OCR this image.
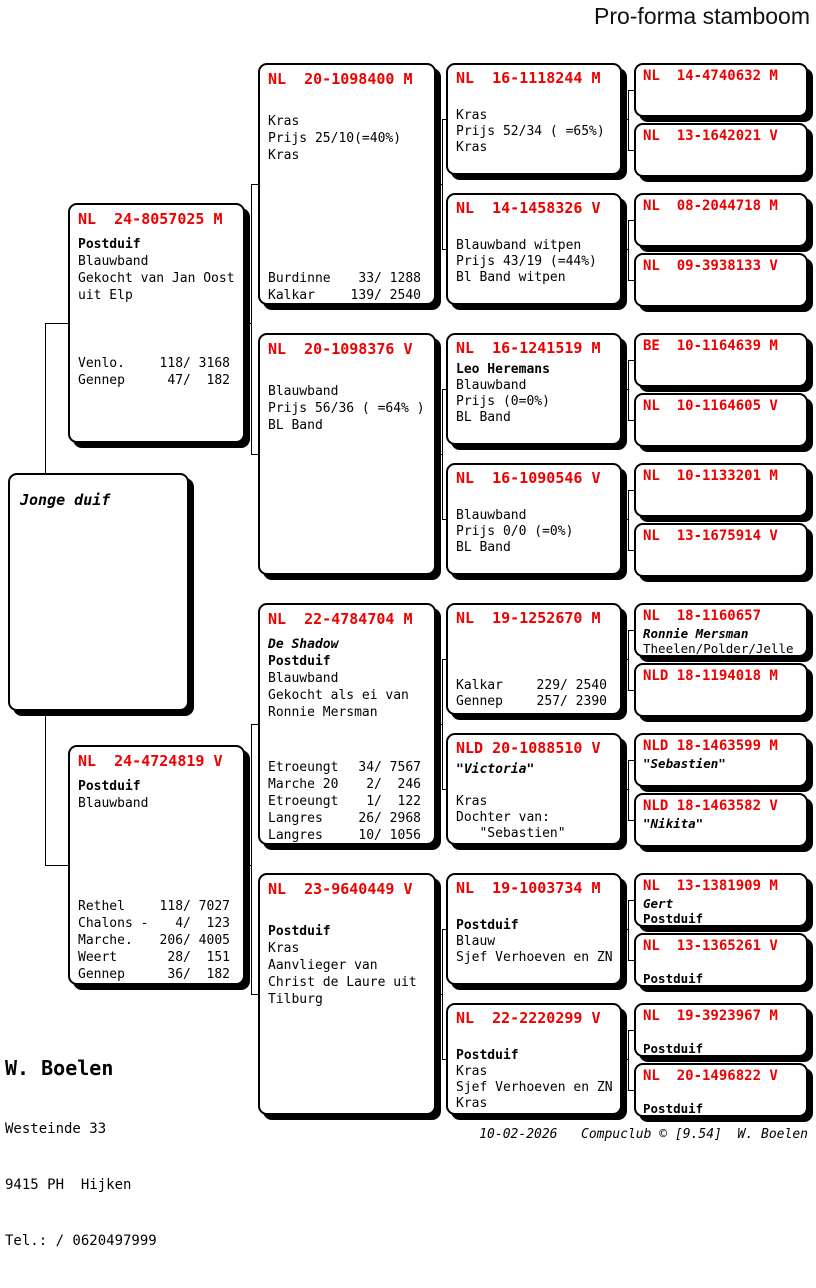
Pro-forma stamboom
Jonge duif
NL  24-8057025 M
Postduif
Blauwband
Gekocht van Jan Oost
uit Elp
Venlo.	118/ 3168
Gennep	47/  182
NL  24-4724819 V
Postduif
Blauwband
Rethel	118/ 7027
Chalons - 4/  123
Marche. 206/ 4005
Weert	28/  151
Gennep	36/  182
NL  20-1098400 M
Kras
Prijs 25/10(=40%)
Kras
Burdinne 33/ 1288
Kalkar	139/ 2540
NL  20-1098376 V
Blauwband
Prijs 56/36 ( =64% )
BL Band
NL  22-4784704 M
De Shadow
Postduif
Blauwband
Gekocht als ei van
Ronnie Mersman
Etroeungt 34/ 7567
Marche 20 2/  246
Etroeungt 1/  122
Langres 26/ 2968
Langres 10/ 1056
NL  23-9640449 V
Postduif
Kras
Aanvlieger van
Christ de Laure uit
Tilburg
NL  16-1118244 M
Kras
Prijs 52/34 ( =65%)
Kras
NL  14-1458326 V
Blauwband witpen
Prijs 43/19 (=44%)
Bl Band witpen
NL  16-1241519 M
Leo Heremans
Blauwband
Prijs (0=0%)
BL Band
NL  16-1090546 V
Blauwband
Prijs 0/0 (=0%)
BL Band
NL  19-1252670 M
Kalkar	229/ 2540
Gennep	257/ 2390
NLD 20-1088510 V
"Victoria"
Kras
Dochter van:
"Sebastien"
NL  19-1003734 M
Postduif
Blauw
Sjef Verhoeven en ZN
NL  22-2220299 V
Postduif
Kras
Sjef Verhoeven en ZN
Kras
NL  14-4740632 M
NL  13-1642021 V
NL  08-2044718 M
NL  09-3938133 V
BE  10-1164639 M
NL  10-1164605 V
NL  10-1133201 M
NL  13-1675914 V
NL  18-1160657
Ronnie Mersman
Theelen/Polder/Jelle
NLD 18-1194018 M
NLD 18-1463599 M
"Sebastien"
NLD 18-1463582 V
"Nikita"
NL  13-1381909 M
Gert
Postduif
NL  13-1365261 V
Postduif
NL  19-3923967 M
Postduif
NL  20-1496822 V
Postduif

W. Boelen

Westeinde 33

9415 PH  Hijken

Tel.: / 0620497999

10-02-2026 Compuclub © [9.54] W. Boelen
